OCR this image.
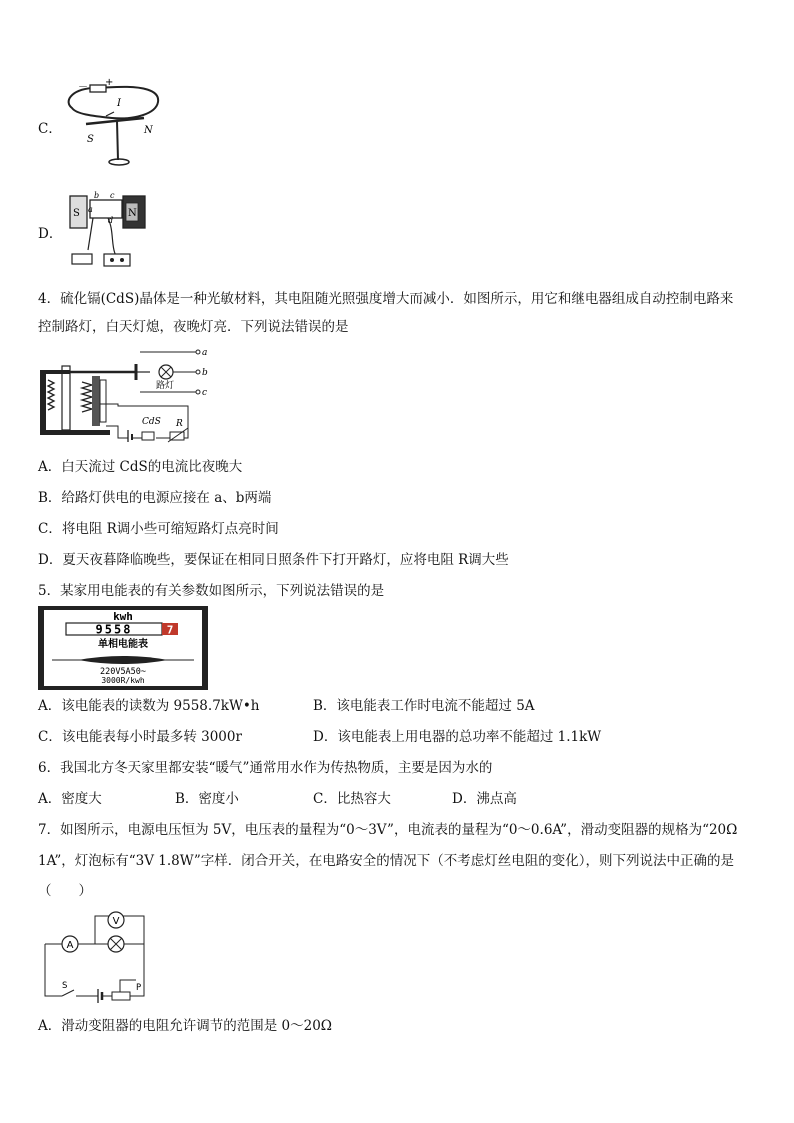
C．
－ +
I
S
N
D．
S	N
b c
a
d
4．硫化镉(CdS)晶体是一种光敏材料，其电阻随光照强度增大而减小．如图所示，用它和继电器组成自动控制电路来
控制路灯，白天灯熄，夜晚灯亮．下列说法错误的是
a
b
c
路灯
CdS R
A．白天流过 CdS的电流比夜晚大
B．给路灯供电的电源应接在 a、b两端
C．将电阻 R调小些可缩短路灯点亮时间
D．夏天夜暮降临晚些，要保证在相同日照条件下打开路灯，应将电阻 R调大些
5．某家用电能表的有关参数如图所示，下列说法错误的是
kwh
9558	7
单相电能表
220V5A50~
3000R/kwh
A．该电能表的读数为 9558.7kW•h	B．该电能表工作时电流不能超过 5A
C．该电能表每小时最多转 3000r	D．该电能表上用电器的总功率不能超过 1.1kW
6．我国北方冬天家里都安装“暖气”通常用水作为传热物质，主要是因为水的
A．密度大	B．密度小	C．比热容大	D．沸点高
7．如图所示，电源电压恒为 5V，电压表的量程为“0～3V”，电流表的量程为“0～0.6A”，滑动变阻器的规格为“20Ω
1A”，灯泡标有“3V 1.8W”字样．闭合开关，在电路安全的情况下（不考虑灯丝电阻的变化），则下列说法中正确的是
（　　）
V
A
S	P
A．滑动变阻器的电阻允许调节的范围是 0～20Ω
